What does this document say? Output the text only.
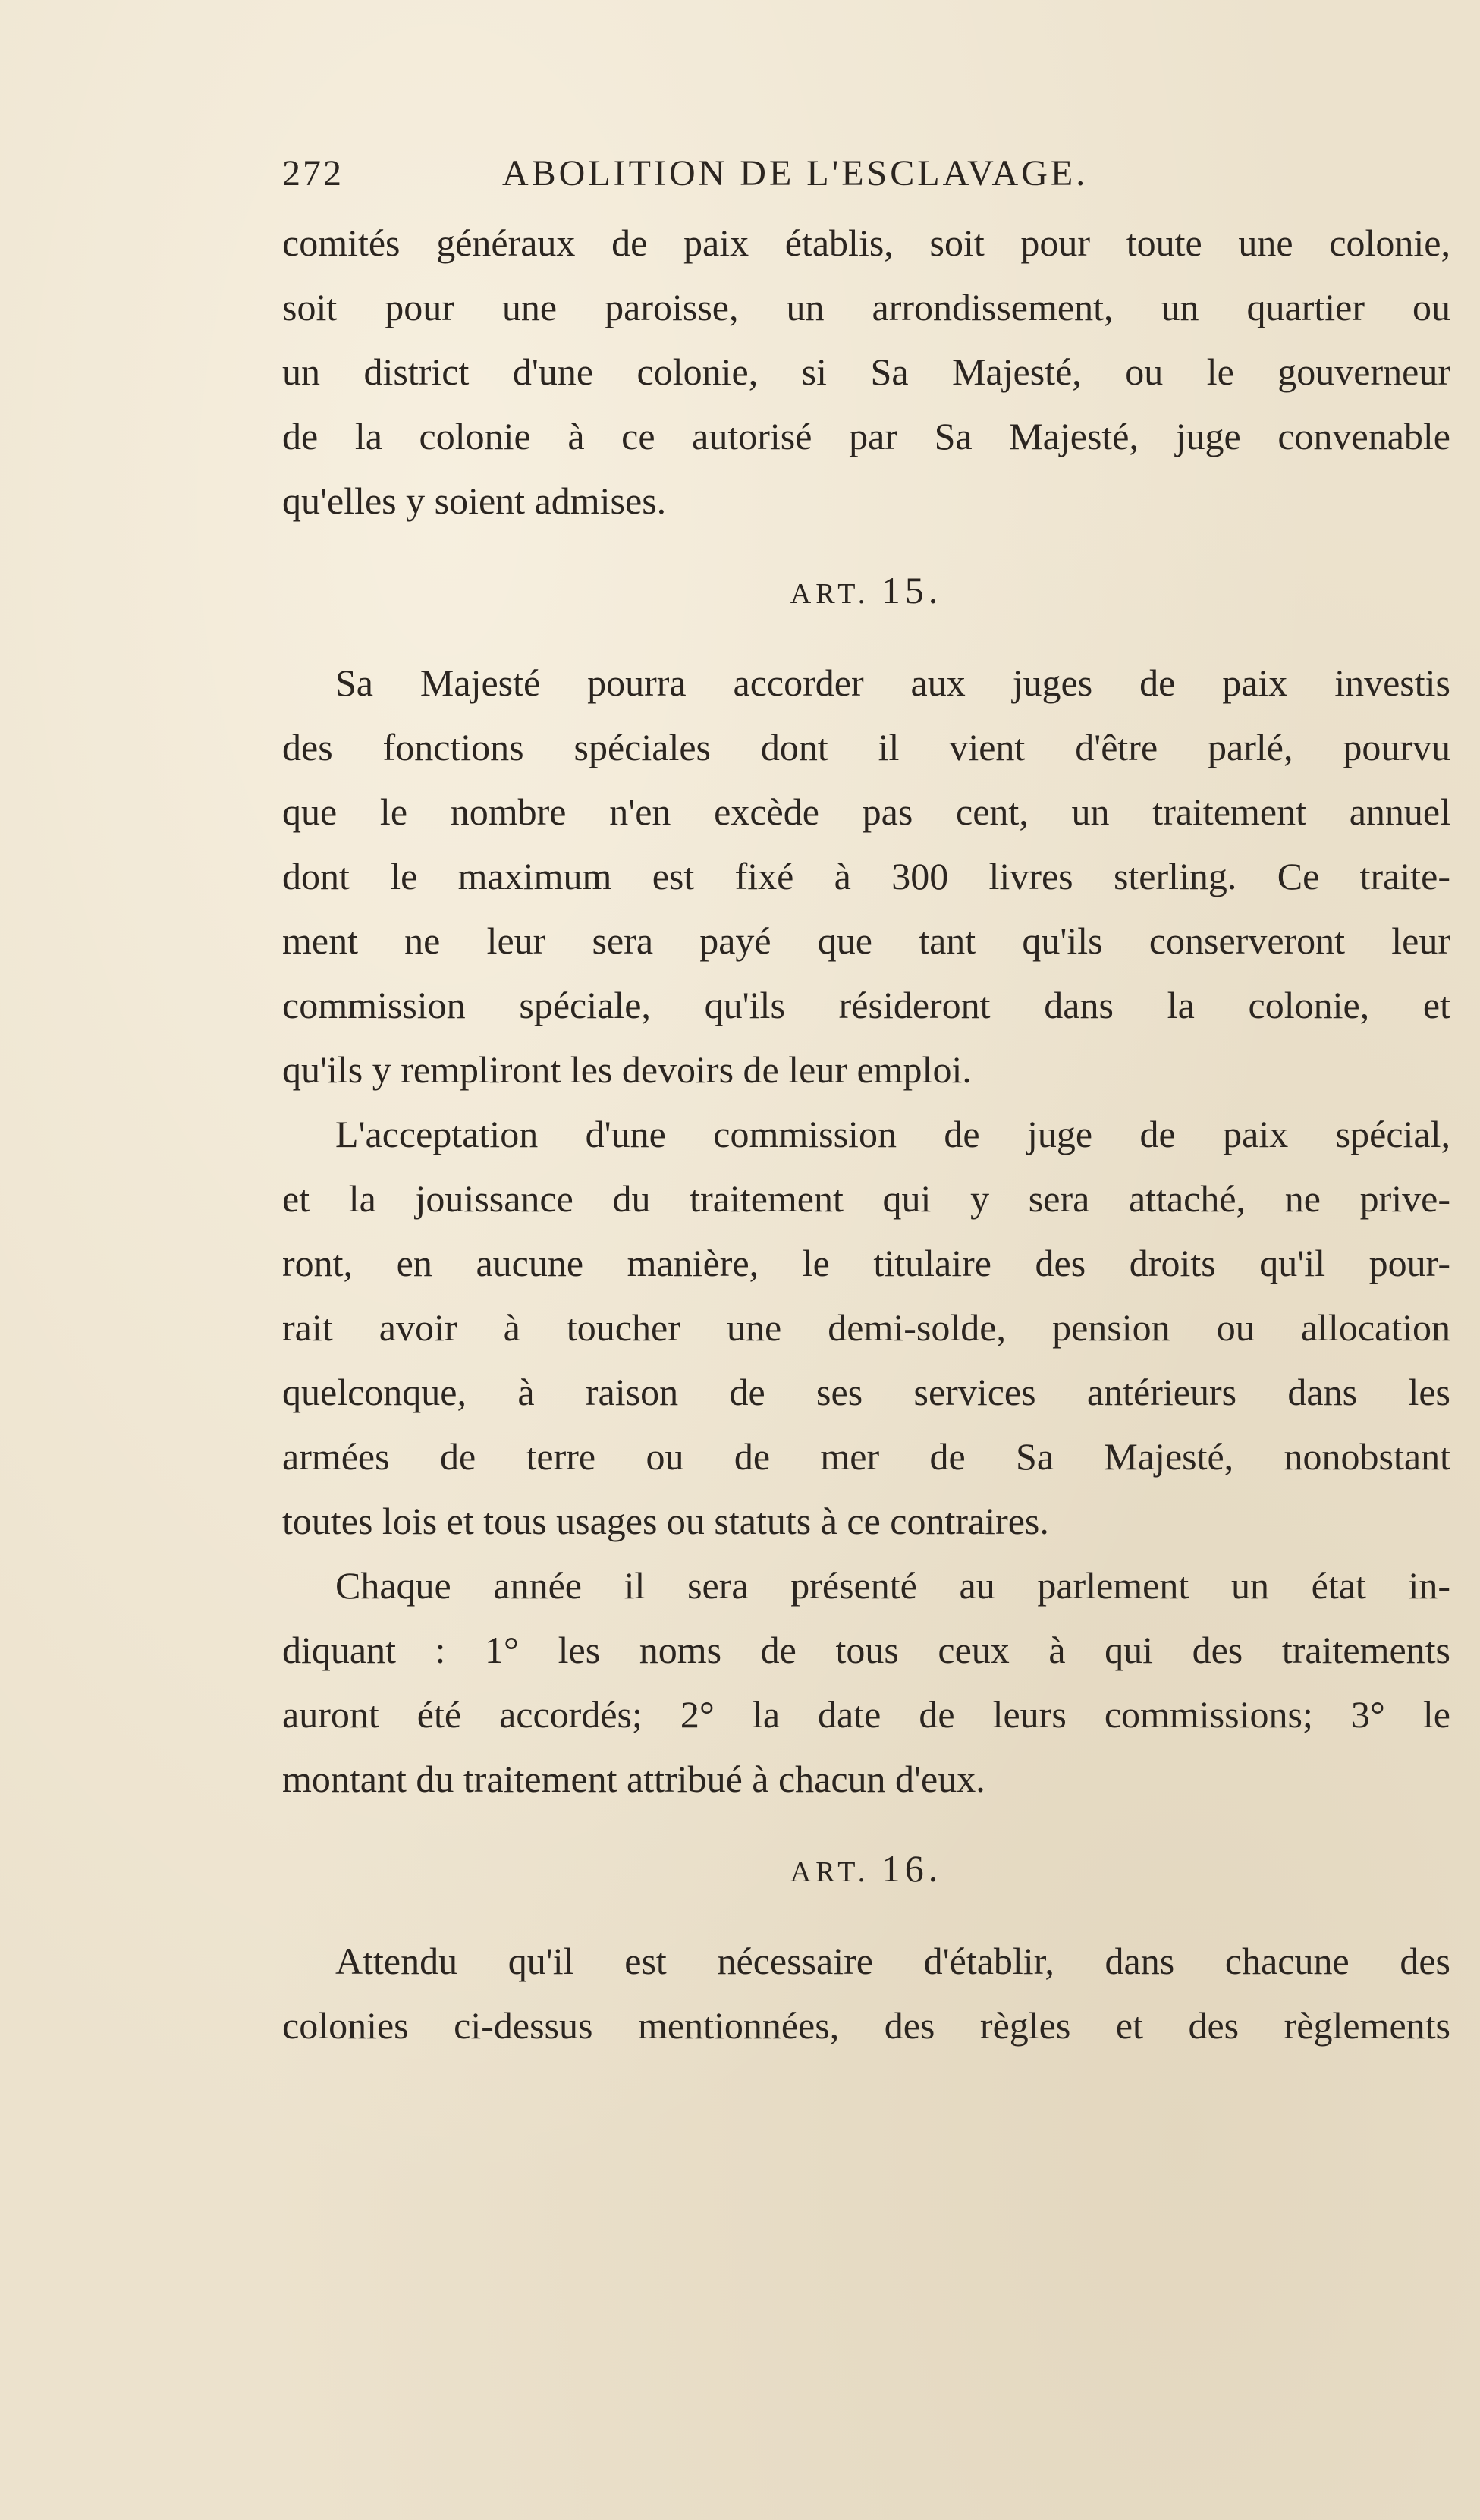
272	ABOLITION DE L'ESCLAVAGE.
comités généraux de paix établis, soit pour toute une colonie,
soit pour une paroisse, un arrondissement, un quartier ou
un district d'une colonie, si Sa Majesté, ou le gouverneur
de la colonie à ce autorisé par Sa Majesté, juge convenable
qu'elles y soient admises.
ART. 15.
Sa Majesté pourra accorder aux juges de paix investis
des fonctions spéciales dont il vient d'être parlé, pourvu
que le nombre n'en excède pas cent, un traitement annuel
dont le maximum est fixé à 300 livres sterling. Ce traite-
ment ne leur sera payé que tant qu'ils conserveront leur
commission spéciale, qu'ils résideront dans la colonie, et
qu'ils y rempliront les devoirs de leur emploi.
L'acceptation d'une commission de juge de paix spécial,
et la jouissance du traitement qui y sera attaché, ne prive-
ront, en aucune manière, le titulaire des droits qu'il pour-
rait avoir à toucher une demi-solde, pension ou allocation
quelconque, à raison de ses services antérieurs dans les
armées de terre ou de mer de Sa Majesté, nonobstant
toutes lois et tous usages ou statuts à ce contraires.
Chaque année il sera présenté au parlement un état in-
diquant : 1° les noms de tous ceux à qui des traitements
auront été accordés; 2° la date de leurs commissions; 3° le
montant du traitement attribué à chacun d'eux.
ART. 16.
Attendu qu'il est nécessaire d'établir, dans chacune des
colonies ci-dessus mentionnées, des règles et des règlements
